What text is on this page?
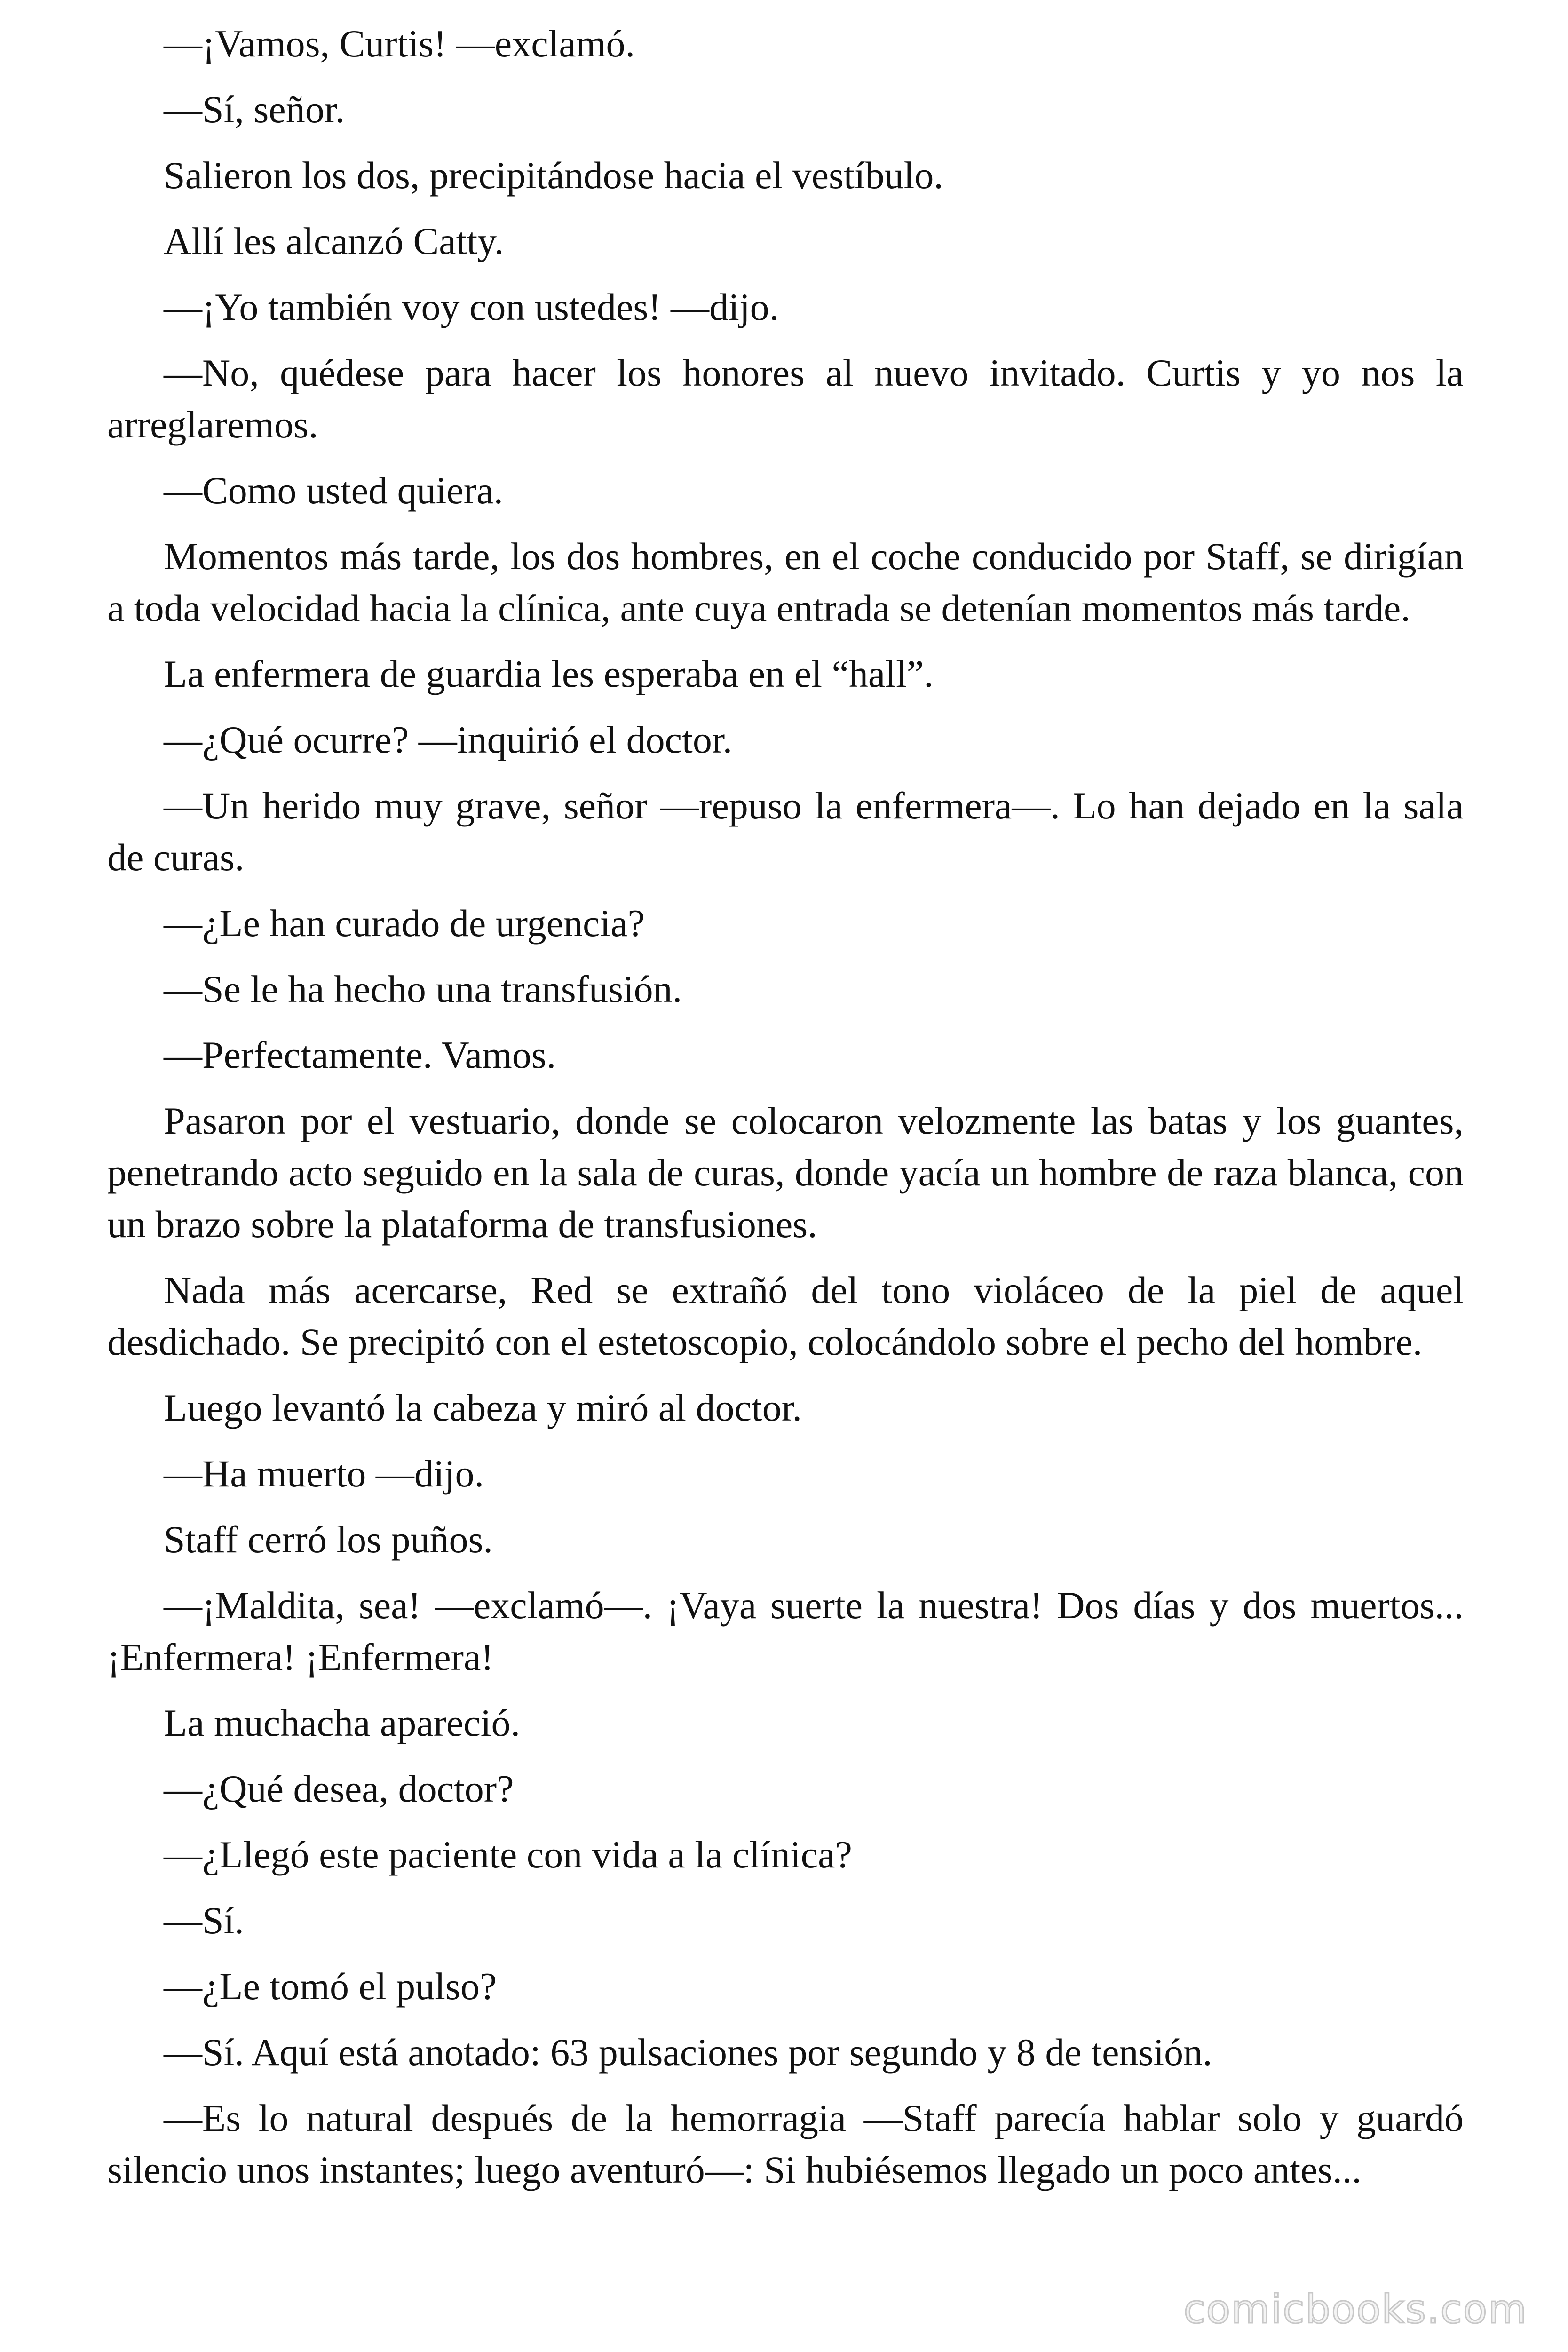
—¡Vamos, Curtis! —exclamó.

—Sí, señor.

Salieron los dos, precipitándose hacia el vestíbulo.

Allí les alcanzó Catty.

—¡Yo también voy con ustedes! —dijo.

—No, quédese para hacer los honores al nuevo invitado. Curtis y yo nos la arreglaremos.

—Como usted quiera.

Momentos más tarde, los dos hombres, en el coche conducido por Staff, se dirigían a toda velocidad hacia la clínica, ante cuya entrada se detenían momentos más tarde.

La enfermera de guardia les esperaba en el “hall”.

—¿Qué ocurre? —inquirió el doctor.

—Un herido muy grave, señor —repuso la enfermera—. Lo han dejado en la sala de curas.

—¿Le han curado de urgencia?

—Se le ha hecho una transfusión.

—Perfectamente. Vamos.

Pasaron por el vestuario, donde se colocaron velozmente las batas y los guantes, penetrando acto seguido en la sala de curas, donde yacía un hombre de raza blanca, con un brazo sobre la plataforma de transfusiones.

Nada más acercarse, Red se extrañó del tono violáceo de la piel de aquel desdichado. Se precipitó con el estetoscopio, colocándolo sobre el pecho del hombre.

Luego levantó la cabeza y miró al doctor.

—Ha muerto —dijo.

Staff cerró los puños.

—¡Maldita, sea! —exclamó—. ¡Vaya suerte la nuestra! Dos días y dos muertos... ¡Enfermera! ¡Enfermera!

La muchacha apareció.

—¿Qué desea, doctor?

—¿Llegó este paciente con vida a la clínica?

—Sí.

—¿Le tomó el pulso?

—Sí. Aquí está anotado: 63 pulsaciones por segundo y 8 de tensión.

—Es lo natural después de la hemorragia —Staff parecía hablar solo y guardó silencio unos instantes; luego aventuró—: Si hubiésemos llegado un poco antes...

comicbooks.com
